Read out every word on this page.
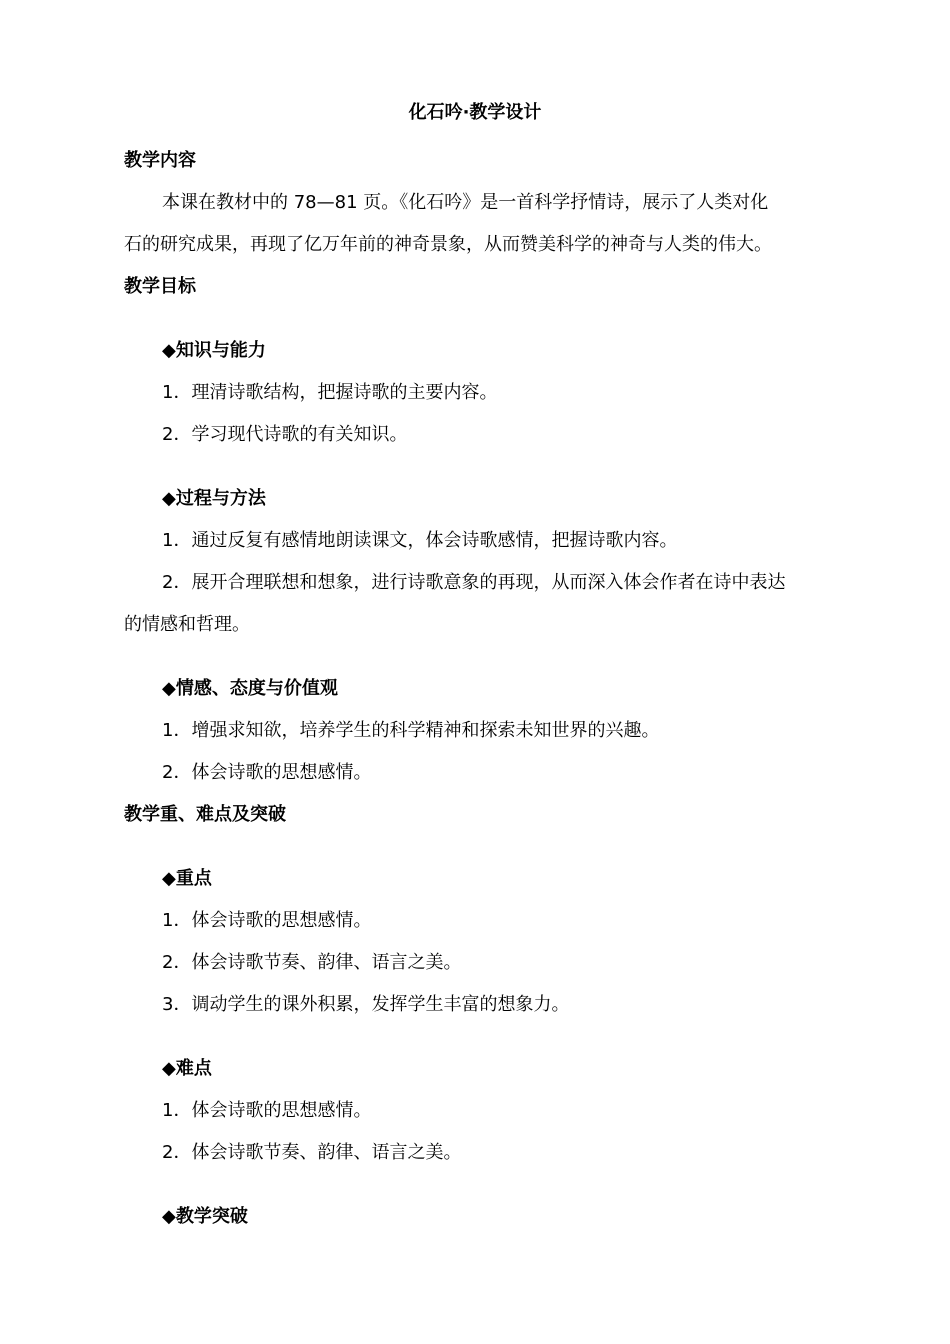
化石吟·教学设计
教学内容
本课在教材中的 78—81 页。《化石吟》是一首科学抒情诗，展示了人类对化
石的研究成果，再现了亿万年前的神奇景象，从而赞美科学的神奇与人类的伟大。
教学目标
◆知识与能力
1．理清诗歌结构，把握诗歌的主要内容。
2．学习现代诗歌的有关知识。
◆过程与方法
1．通过反复有感情地朗读课文，体会诗歌感情，把握诗歌内容。
2．展开合理联想和想象，进行诗歌意象的再现，从而深入体会作者在诗中表达
的情感和哲理。
◆情感、态度与价值观
1．增强求知欲，培养学生的科学精神和探索未知世界的兴趣。
2．体会诗歌的思想感情。
教学重、难点及突破
◆重点
1．体会诗歌的思想感情。
2．体会诗歌节奏、韵律、语言之美。
3．调动学生的课外积累，发挥学生丰富的想象力。
◆难点
1．体会诗歌的思想感情。
2．体会诗歌节奏、韵律、语言之美。
◆教学突破
